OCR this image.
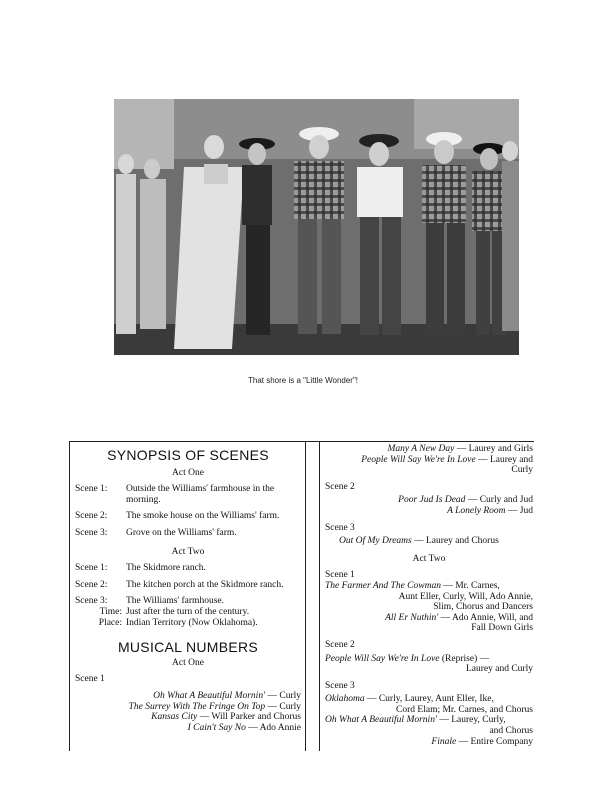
That shore is a "Little Wonder"!
SYNOPSIS OF SCENES
Act One
Scene 1:	Outside the Williams' farmhouse in the morning.
Scene 2:	The smoke house on the Williams' farm.
Scene 3:	Grove on the Williams' farm.
Act Two
Scene 1:	The Skidmore ranch.
Scene 2:	The kitchen porch at the Skidmore ranch.
Scene 3:	The Williams' farmhouse.
Time: Just after the turn of the century.
Place: Indian Territory (Now Oklahoma).
MUSICAL NUMBERS
Act One
Scene 1
Oh What A Beautiful Mornin' — Curly
The Surrey With The Fringe On Top — Curly
Kansas City — Will Parker and Chorus
I Cain't Say No — Ado Annie
Many A New Day — Laurey and Girls
People Will Say We're In Love — Laurey and
Curly
Scene 2
Poor Jud Is Dead — Curly and Jud
A Lonely Room — Jud
Scene 3
Out Of My Dreams — Laurey and Chorus
Act Two
Scene 1
The Farmer And The Cowman — Mr. Carnes,
Aunt Eller, Curly, Will, Ado Annie,
Slim, Chorus and Dancers
All Er Nuthin' — Ado Annie, Will, and
Fall Down Girls
Scene 2
People Will Say We're In Love (Reprise) —
Laurey and Curly
Scene 3
Oklahoma — Curly, Laurey, Aunt Eller, Ike,
Cord Elam; Mr. Carnes, and Chorus
Oh What A Beautiful Mornin' — Laurey, Curly,
and Chorus
Finale — Entire Company
